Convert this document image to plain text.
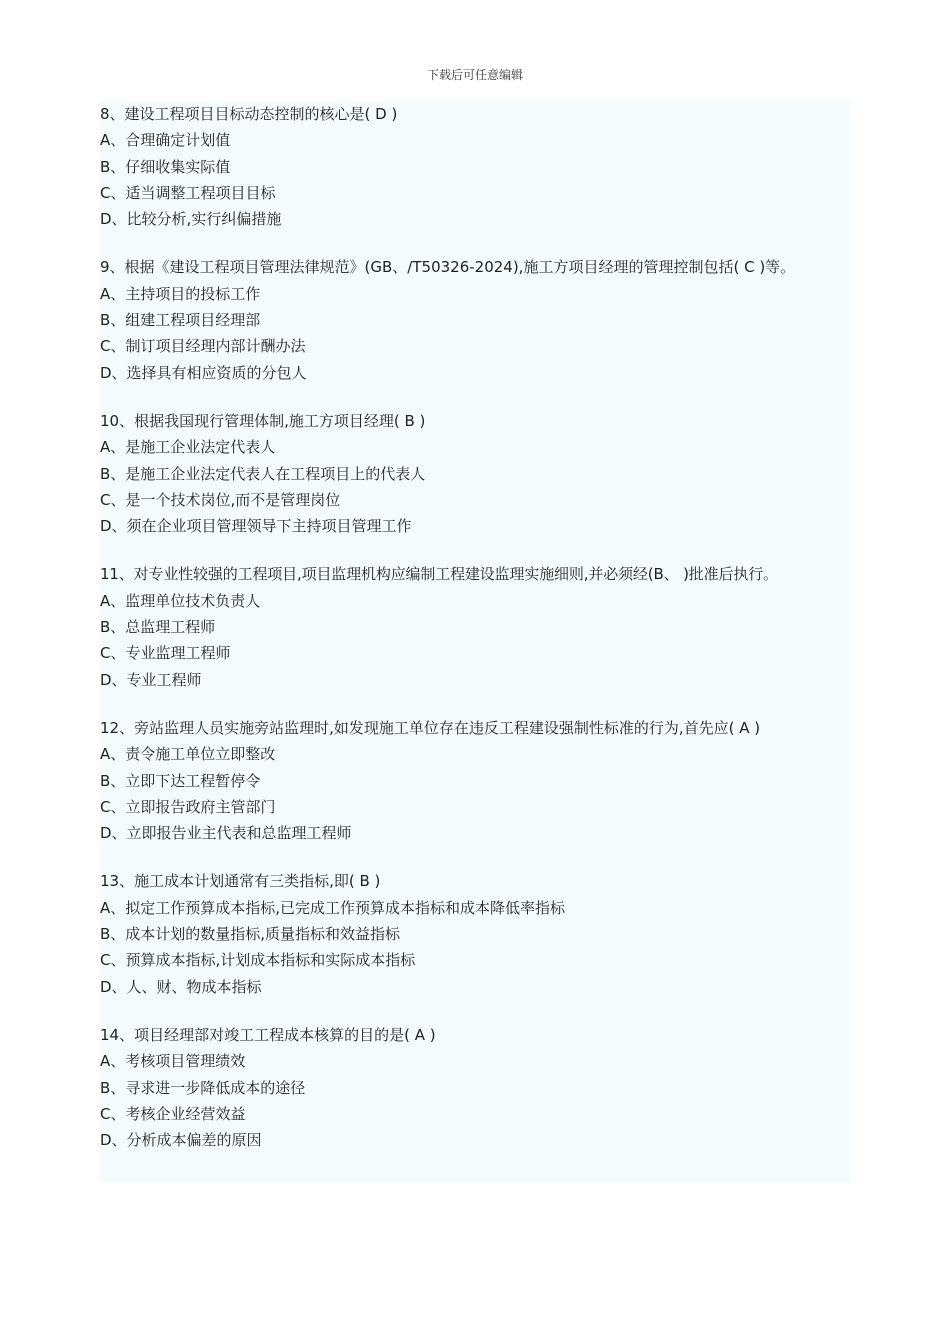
下载后可任意编辑
8、建设工程项目目标动态控制的核心是( D )
A、合理确定计划值
B、仔细收集实际值
C、适当调整工程项目目标
D、比较分析,实行纠偏措施
9、根据《建设工程项目管理法律规范》(GB、/T50326-2024),施工方项目经理的管理控制包括( C )等。
A、主持项目的投标工作
B、组建工程项目经理部
C、制订项目经理内部计酬办法
D、选择具有相应资质的分包人
10、根据我国现行管理体制,施工方项目经理( B )
A、是施工企业法定代表人
B、是施工企业法定代表人在工程项目上的代表人
C、是一个技术岗位,而不是管理岗位
D、须在企业项目管理领导下主持项目管理工作
11、对专业性较强的工程项目,项目监理机构应编制工程建设监理实施细则,并必须经(B、 )批准后执行。
A、监理单位技术负责人
B、总监理工程师
C、专业监理工程师
D、专业工程师
12、旁站监理人员实施旁站监理时,如发现施工单位存在违反工程建设强制性标准的行为,首先应( A )
A、责令施工单位立即整改
B、立即下达工程暂停令
C、立即报告政府主管部门
D、立即报告业主代表和总监理工程师
13、施工成本计划通常有三类指标,即( B )
A、拟定工作预算成本指标,已完成工作预算成本指标和成本降低率指标
B、成本计划的数量指标,质量指标和效益指标
C、预算成本指标,计划成本指标和实际成本指标
D、人、财、物成本指标
14、项目经理部对竣工工程成本核算的目的是( A )
A、考核项目管理绩效
B、寻求进一步降低成本的途径
C、考核企业经营效益
D、分析成本偏差的原因
